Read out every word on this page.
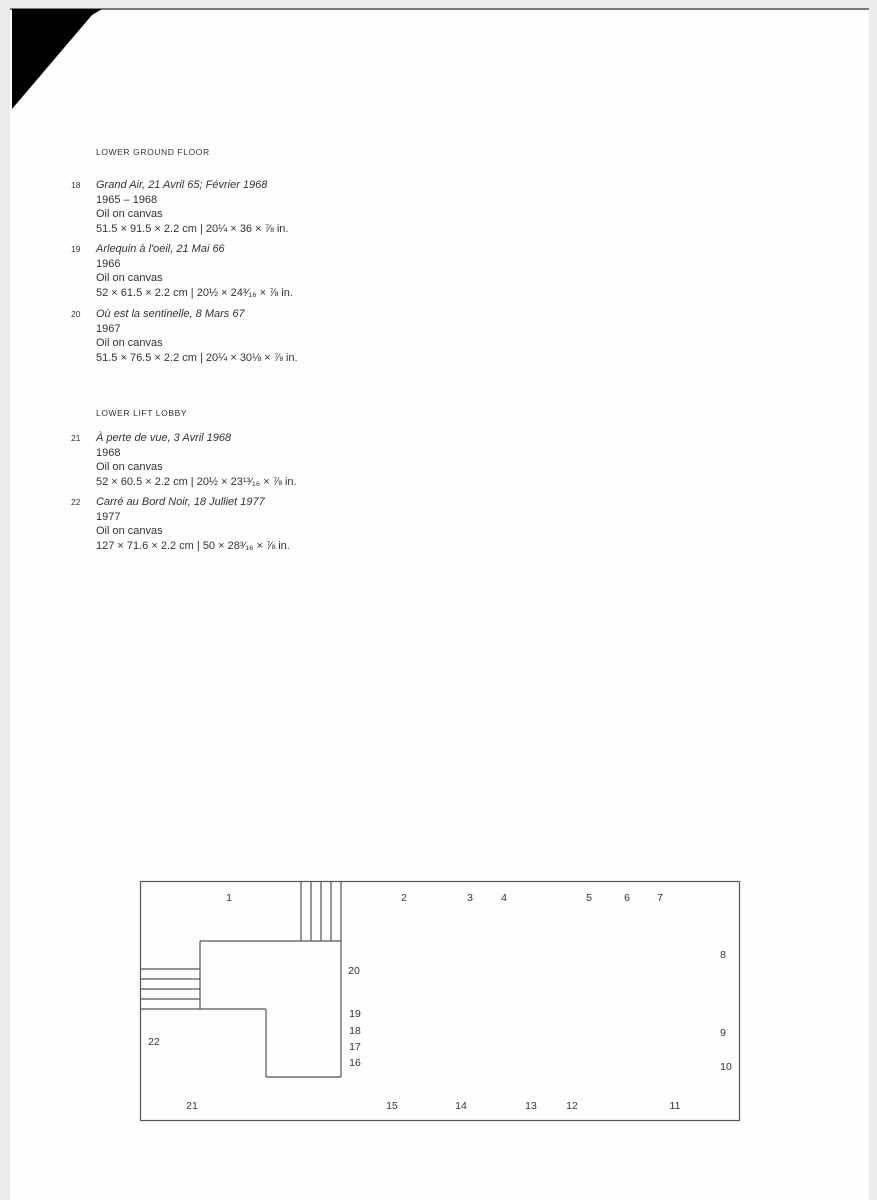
LOWER GROUND FLOOR
18 Grand Air, 21 Avril 65; Février 1968
1965 – 1968
Oil on canvas
51.5 × 91.5 × 2.2 cm | 20¼ × 36 × ⅞ in.
19 Arlequin à l'oeil, 21 Mai 66
1966
Oil on canvas
52 × 61.5 × 2.2 cm | 20½ × 24³⁄₁₆ × ⅞ in.
20 Où est la sentinelle, 8 Mars 67
1967
Oil on canvas
51.5 × 76.5 × 2.2 cm | 20¼ × 30⅛ × ⅞ in.
LOWER LIFT LOBBY
21 À perte de vue, 3 Avril 1968
1968
Oil on canvas
52 × 60.5 × 2.2 cm | 20½ × 23¹³⁄₁₆ × ⅞ in.
22 Carré au Bord Noir, 18 Julliet 1977
1977
Oil on canvas
127 × 71.6 × 2.2 cm | 50 × 28³⁄₁₆ × ⅞ in.
1	2	3	4	5	6	7
8
9
10
11
12
13
14
15
16
17
18
19
20
21
22
